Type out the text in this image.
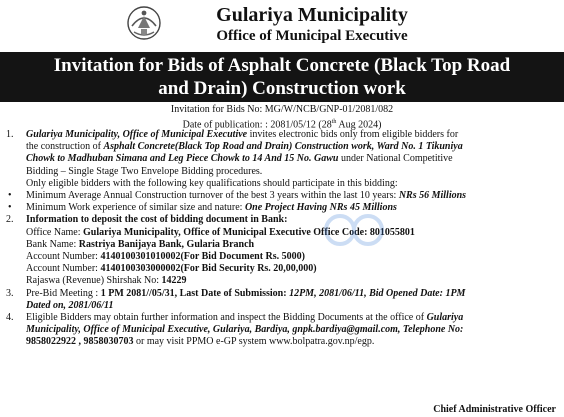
Gulariya Municipality
Office of Municipal Executive
Invitation for Bids of Asphalt Concrete (Black Top Road
and Drain) Construction work
Invitation for Bids No: MG/W/NCB/GNP-01/2081/082
Date of publication: : 2081/05/12 (28th Aug 2024)
1. Gulariya Municipality, Office of Municipal Executive invites electronic bids only from eligible bidders for
the construction of Asphalt Concrete(Black Top Road and Drain) Construction work, Ward No. 1 Tikuniya
Chowk to Madhuban Simana and Leg Piece Chowk to 14 And 15 No. Gawu under National Competitive
Bidding – Single Stage Two Envelope Bidding procedures.
Only eligible bidders with the following key qualifications should participate in this bidding:
• Minimum Average Annual Construction turnover of the best 3 years within the last 10 years: NRs 56 Millions
• Minimum Work experience of similar size and nature: One Project Having NRs 45 Millions
2. Information to deposit the cost of bidding document in Bank:
Office Name: Gulariya Municipality, Office of Municipal Executive Office Code: 801055801
Bank Name: Rastriya Banijaya Bank, Gularia Branch
Account Number: 4140100301010002(For Bid Document Rs. 5000)
Account Number: 4140100303000002(For Bid Security Rs. 20,00,000)
Rajaswa (Revenue) Shirshak No: 14229
3. Pre-Bid Meeting : 1 PM 2081//05/31, Last Date of Submission: 12PM, 2081/06/11, Bid Opened Date: 1PM
Dated on, 2081/06/11
4. Eligible Bidders may obtain further information and inspect the Bidding Documents at the office of Gulariya
Municipality, Office of Municipal Executive, Gulariya, Bardiya, gnpk.bardiya@gmail.com, Telephone No:
9858022922 , 9858030703 or may visit PPMO e-GP system www.bolpatra.gov.np/egp.
Chief Administrative Officer
